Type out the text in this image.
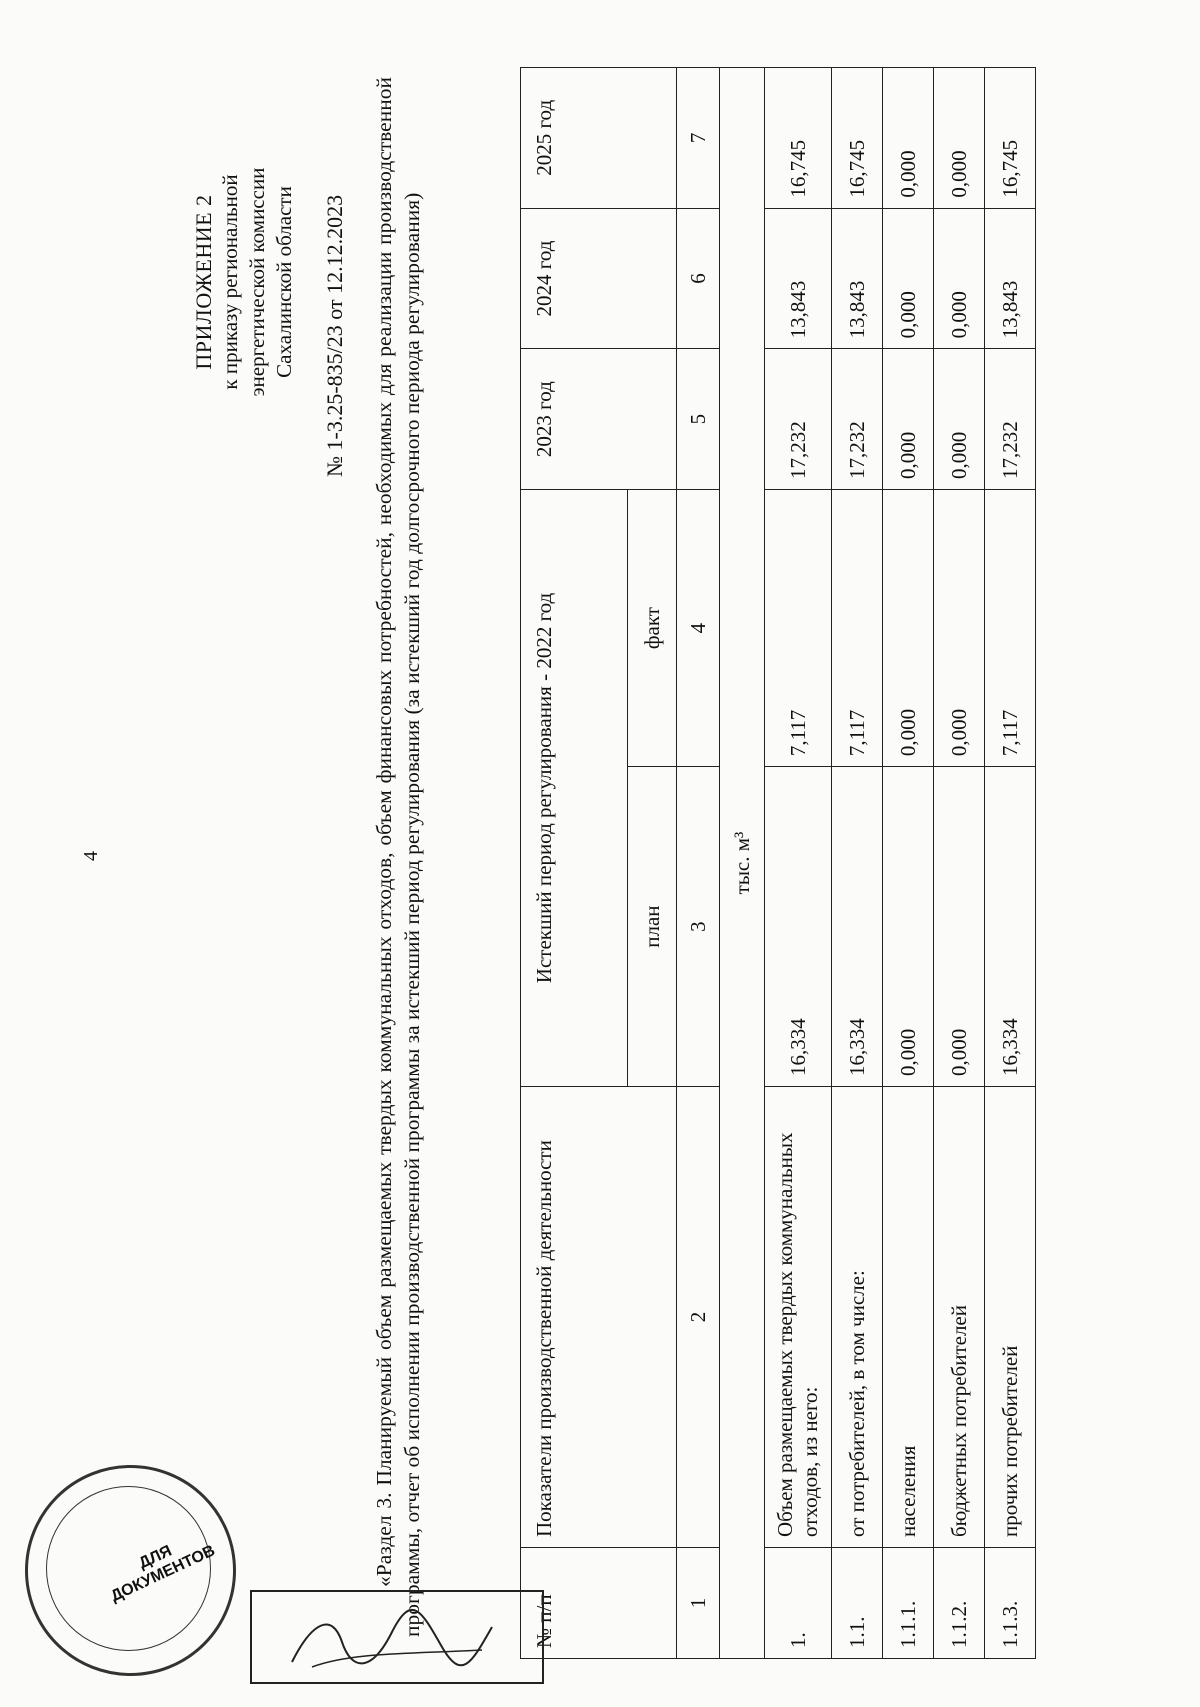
4
ПРИЛОЖЕНИЕ 2 к приказу региональной энергетической комиссии Сахалинской области № 1-3.25-835/23 от 12.12.2023 «Раздел 3. Планируемый объем размещаемых твердых коммунальных отходов, объем финансовых потребностей, необходимых для реализации производственной программы, отчет об исполнении производственной программы за истекший период регулирования (за истекший год долгосрочного периода регулирования)	№ п/п	Показатели производственной деятельности	Истекший период регулирования - 2022 год		2023 год	2024 год	2025 год
		план	факт			
1	2	3	4	5	6	7
тыс. м³						
1.	Объем размещаемых твердых коммунальных отходов, из него:	16,334	7,117	17,232	13,843	16,745
1.1.	от потребителей, в том числе:	16,334	7,117	17,232	13,843	16,745
1.1.1.	населения	0,000	0,000	0,000	0,000	0,000
1.1.2.	бюджетных потребителей	0,000	0,000	0,000	0,000	0,000
1.1.3.	прочих потребителей	16,334	7,117	17,232	13,843	16,745
ДЛЯ ДОКУМЕНТОВ
